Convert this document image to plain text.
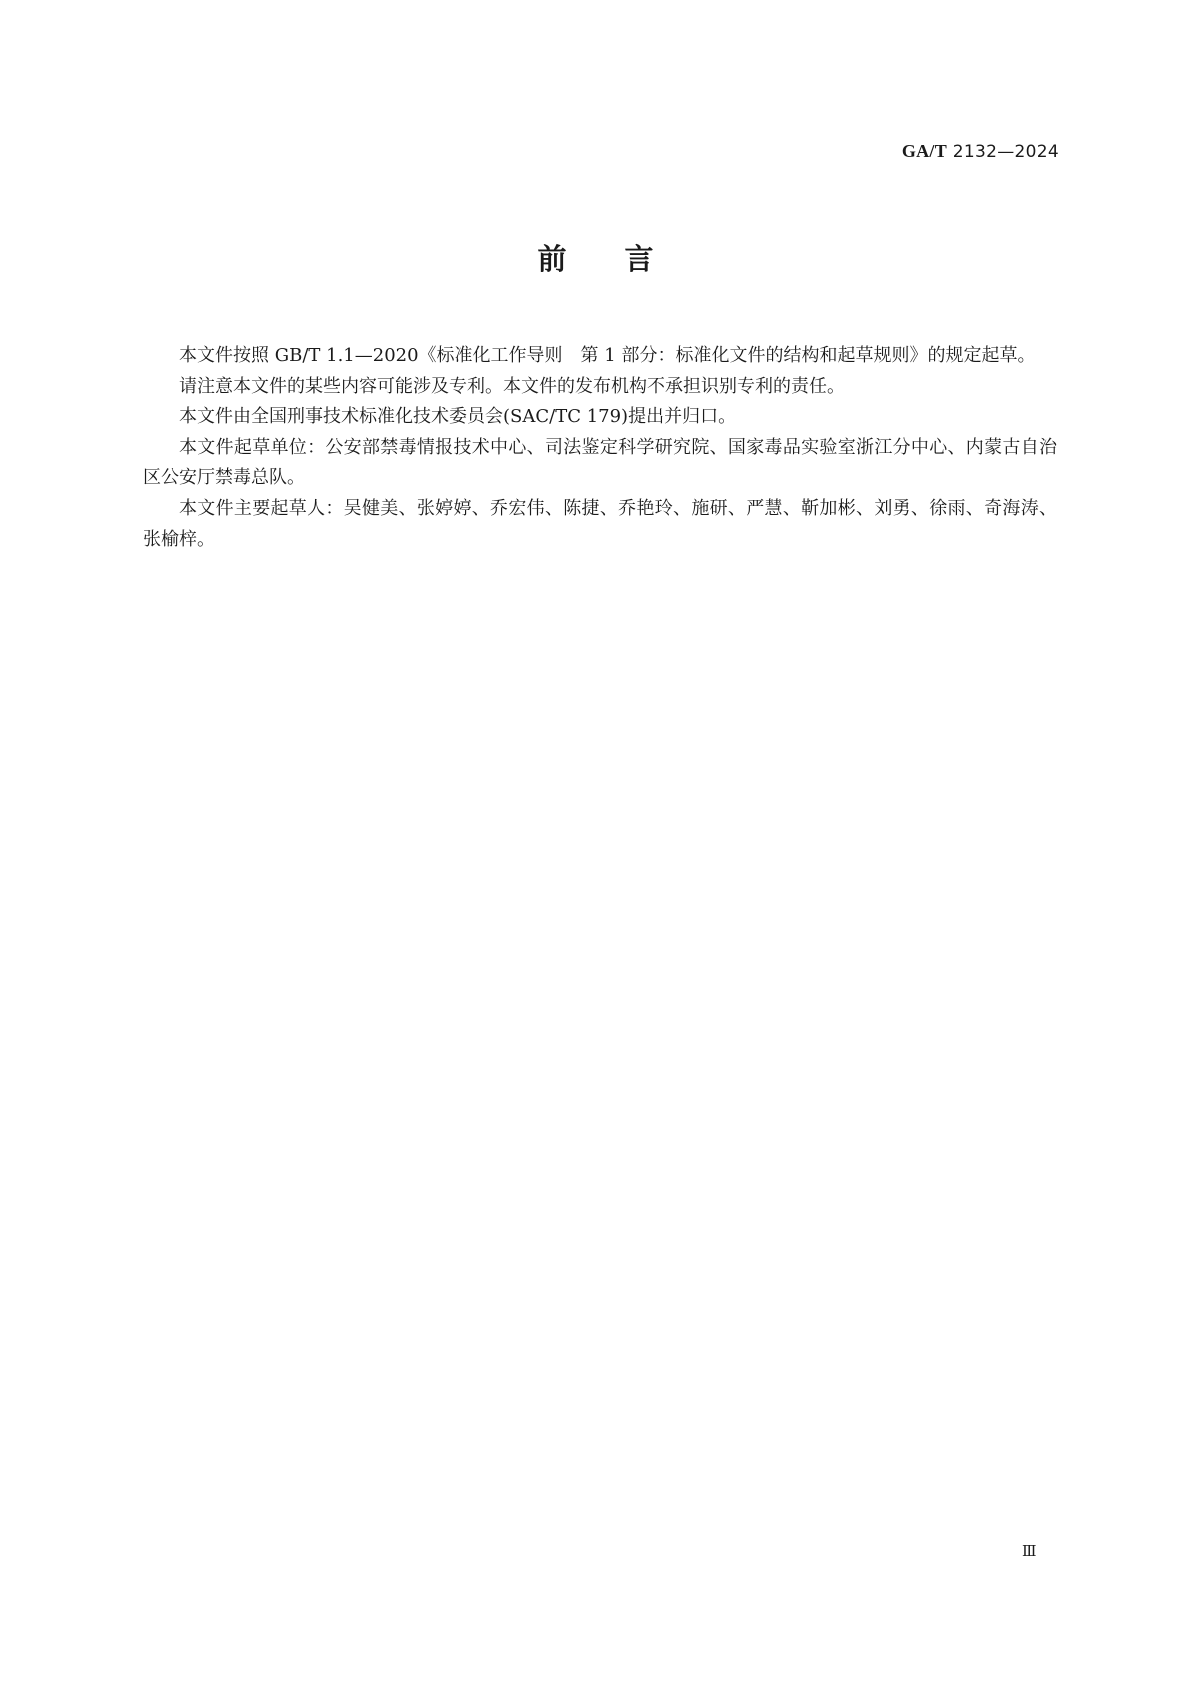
GA/T 2132—2024
前 言

本文件按照 GB/T 1.1—2020《标准化工作导则　第 1 部分：标准化文件的结构和起草规则》的规定起草。

请注意本文件的某些内容可能涉及专利。本文件的发布机构不承担识别专利的责任。

本文件由全国刑事技术标准化技术委员会(SAC/TC 179)提出并归口。

本文件起草单位：公安部禁毒情报技术中心、司法鉴定科学研究院、国家毒品实验室浙江分中心、内蒙古自治区公安厅禁毒总队。

本文件主要起草人：吴健美、张婷婷、乔宏伟、陈捷、乔艳玲、施研、严慧、靳加彬、刘勇、徐雨、奇海涛、张榆梓。

Ⅲ
